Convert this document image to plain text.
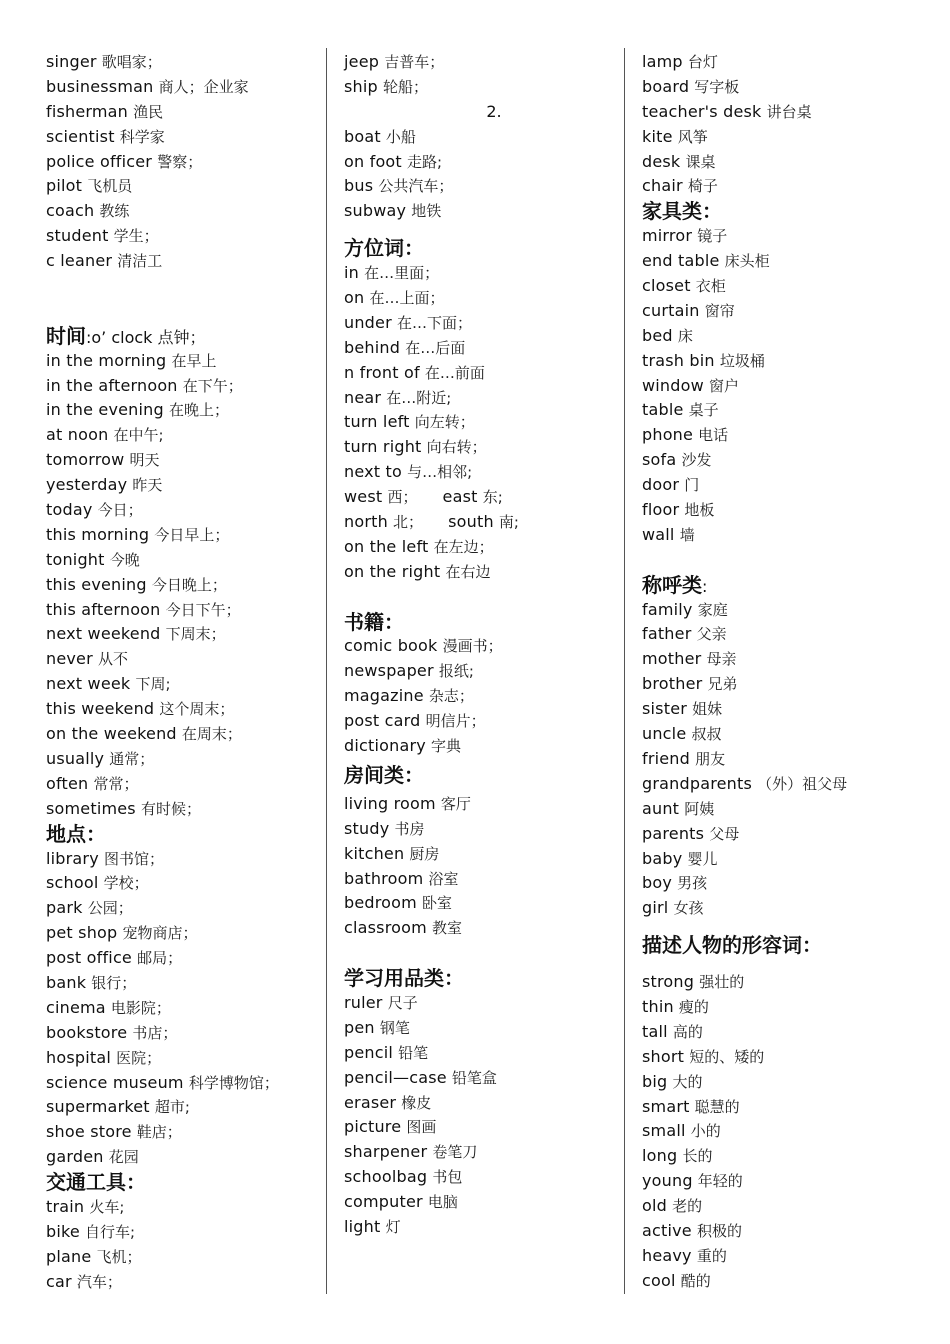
singer 歌唱家；
businessman 商人；企业家
fisherman 渔民
scientist 科学家
police officer 警察；
pilot 飞机员
coach 教练
student 学生；
c leaner 清洁工
时间:o’ clock 点钟；
in the morning 在早上
in the afternoon 在下午；
in the evening 在晚上；
at noon 在中午;
tomorrow 明天
yesterday 昨天
today 今日；
this morning 今日早上；
tonight 今晚
this evening 今日晚上；
this afternoon 今日下午；
next weekend 下周末；
never 从不
next week 下周;
this weekend 这个周末；
on the weekend 在周末；
usually 通常；
often 常常；
sometimes 有时候；
地点：
library 图书馆；
school 学校；
park 公园；
pet shop 宠物商店；
post office 邮局；
bank 银行；
cinema 电影院；
bookstore 书店；
hospital 医院；
science museum 科学博物馆；
supermarket 超市;
shoe store 鞋店；
garden 花园
交通工具：
train 火车;
bike 自行车;
plane 飞机；
car 汽车；
jeep 吉普车；
ship 轮船；
2.
boat 小船
on foot 走路;
bus 公共汽车；
subway 地铁
方位词：
in 在…里面；
on 在…上面；
under 在…下面；
behind 在…后面
n front of 在…前面
near 在…附近;
turn left 向左转；
turn right 向右转；
next to 与…相邻;
west 西； east 东;
north 北； south 南;
on the left 在左边；
on the right 在右边
书籍：
comic book 漫画书；
newspaper 报纸;
magazine 杂志；
post card 明信片；
dictionary 字典
房间类：
living room 客厅
study 书房
kitchen 厨房
bathroom 浴室
bedroom 卧室
classroom 教室
学习用品类：
ruler 尺子
pen 钢笔
pencil 铅笔
pencil—case 铅笔盒
eraser 橡皮
picture 图画
sharpener 卷笔刀
schoolbag 书包
computer 电脑
light 灯
lamp 台灯
board 写字板
teacher's desk 讲台桌
kite 风筝
desk 课桌
chair 椅子
家具类：
mirror 镜子
end table 床头柜
closet 衣柜
curtain 窗帘
bed 床
trash bin 垃圾桶
window 窗户
table 桌子
phone 电话
sofa 沙发
door 门
floor 地板
wall 墙
称呼类:
family 家庭
father 父亲
mother 母亲
brother 兄弟
sister 姐妹
uncle 叔叔
friend 朋友
grandparents （外）祖父母
aunt 阿姨
parents 父母
baby 婴儿
boy 男孩
girl 女孩
描述人物的形容词：
strong 强壮的
thin 瘦的
tall 高的
short 短的、矮的
big 大的
smart 聪慧的
small 小的
long 长的
young 年轻的
old 老的
active 积极的
heavy 重的
cool 酷的
